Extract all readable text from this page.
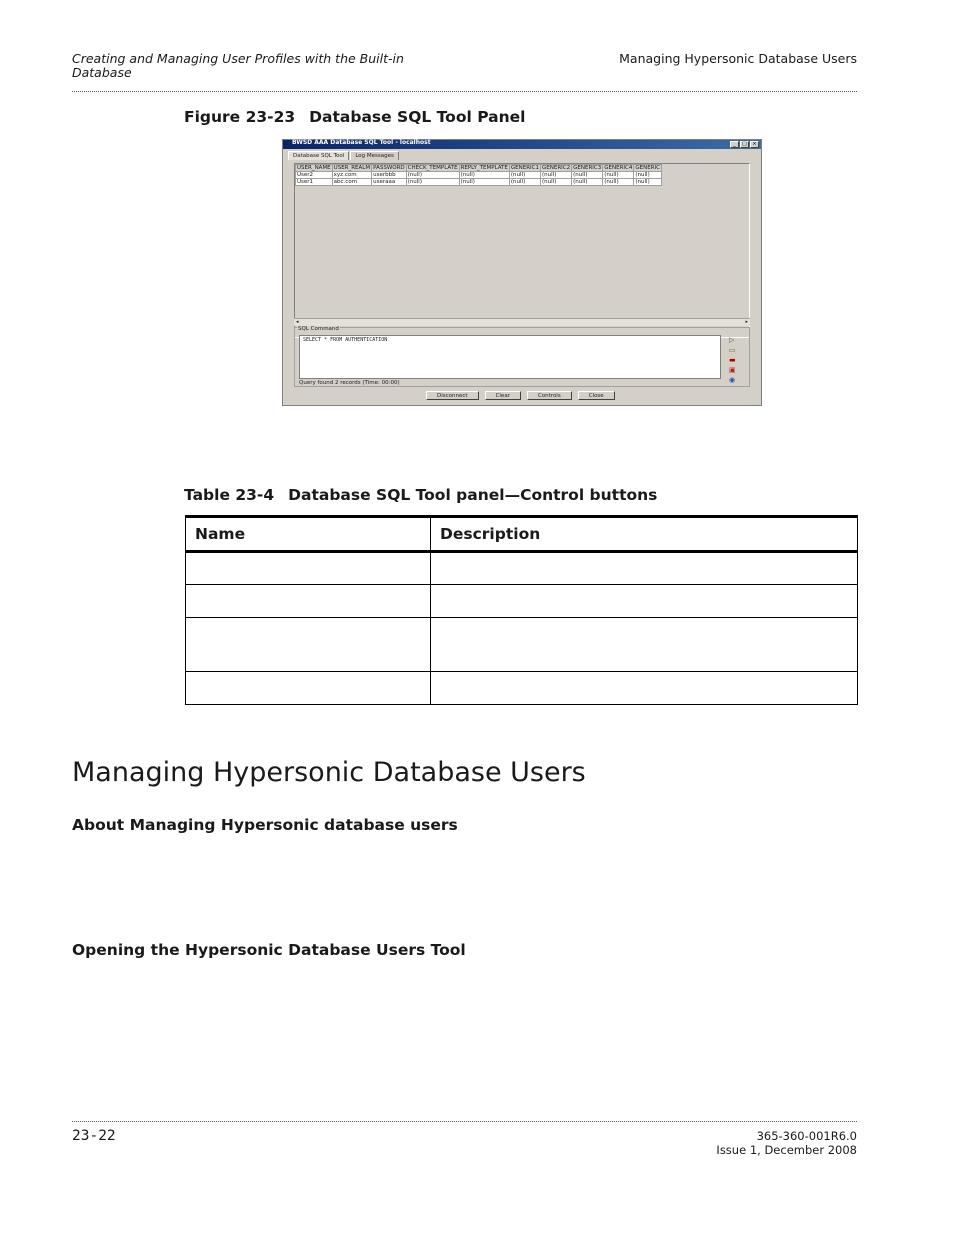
Creating and Managing User Profiles with the Built-in Database
Managing Hypersonic Database Users
Figure 23-23 Database SQL Tool Panel
BWSD AAA Database SQL Tool - localhost	_	□	×
Database SQL Tool	Log Messages
USER_NAME	USER_REALM	PASSWORD	CHECK_TEMPLATE	REPLY_TEMPLATE	GENERIC1	GENERIC2	GENERIC3	GENERIC4	GENERIC
User2	xyz.com	userbbb	(null)	(null)	(null)	(null)	(null)	(null)	(null)
User1	abc.com	useraaa	(null)	(null)	(null)	(null)	(null)	(null)	(null)
◂	▸
SQL Command
SELECT * FROM AUTHENTICATION	▷
▭
▬
▣
◉
Query found 2 records (Time: 00:00)
Disconnect	Clear	Controls	Close
Table 23-4 Database SQL Tool panel—Control buttons
Name	Description

Managing Hypersonic Database Users
About Managing Hypersonic database users
Opening the Hypersonic Database Users Tool
23-22	365-360-001R6.0
Issue 1, December 2008
